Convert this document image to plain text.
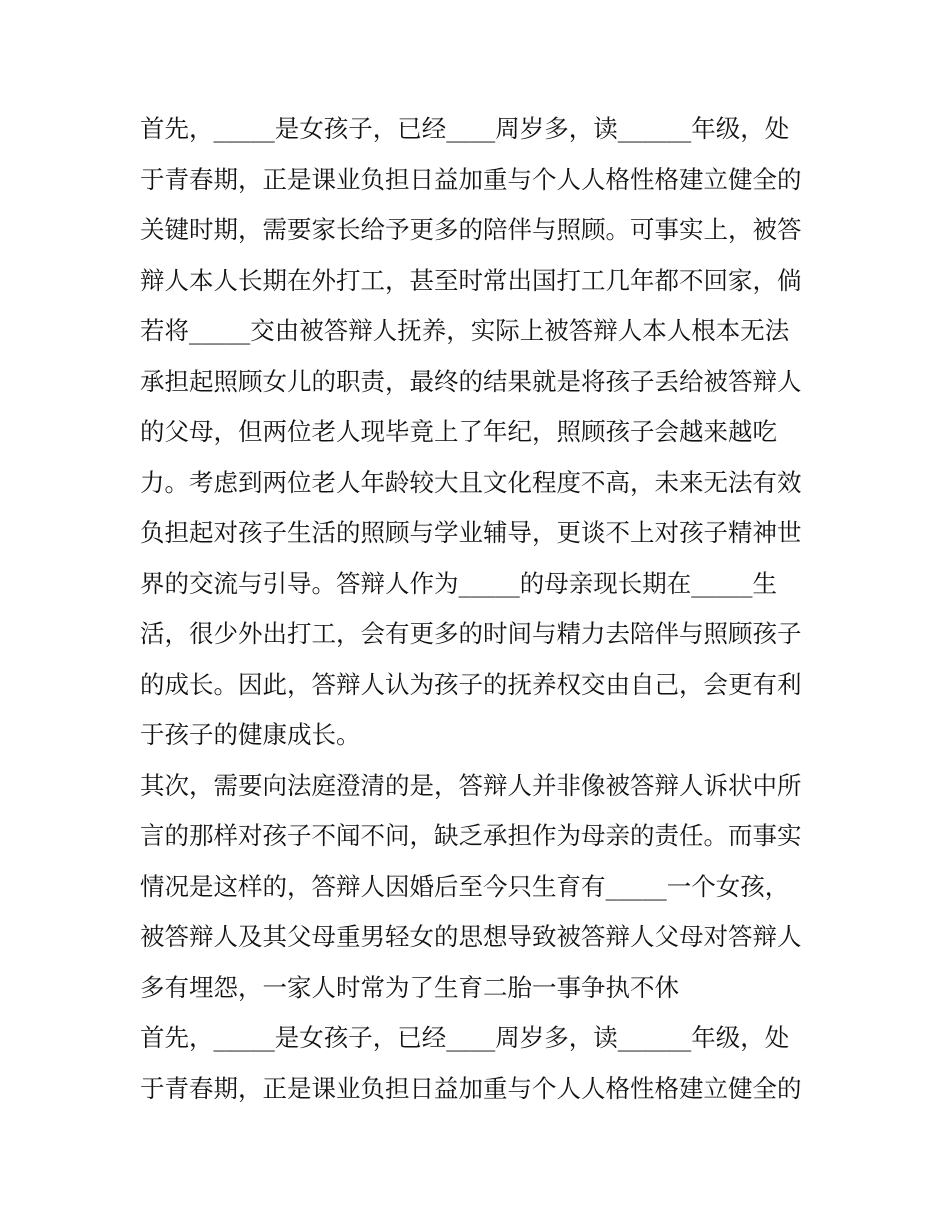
首先，_____是女孩子，已经____周岁多，读______年级，处
于青春期，正是课业负担日益加重与个人人格性格建立健全的
关键时期，需要家长给予更多的陪伴与照顾。可事实上，被答
辩人本人长期在外打工，甚至时常出国打工几年都不回家，倘
若将_____交由被答辩人抚养，实际上被答辩人本人根本无法
承担起照顾女儿的职责，最终的结果就是将孩子丢给被答辩人
的父母，但两位老人现毕竟上了年纪，照顾孩子会越来越吃
力。考虑到两位老人年龄较大且文化程度不高，未来无法有效
负担起对孩子生活的照顾与学业辅导，更谈不上对孩子精神世
界的交流与引导。答辩人作为_____的母亲现长期在_____生
活，很少外出打工，会有更多的时间与精力去陪伴与照顾孩子
的成长。因此，答辩人认为孩子的抚养权交由自己，会更有利
于孩子的健康成长。
其次，需要向法庭澄清的是，答辩人并非像被答辩人诉状中所
言的那样对孩子不闻不问，缺乏承担作为母亲的责任。而事实
情况是这样的，答辩人因婚后至今只生育有_____一个女孩，
被答辩人及其父母重男轻女的思想导致被答辩人父母对答辩人
多有埋怨，一家人时常为了生育二胎一事争执不休
首先，_____是女孩子，已经____周岁多，读______年级，处
于青春期，正是课业负担日益加重与个人人格性格建立健全的
